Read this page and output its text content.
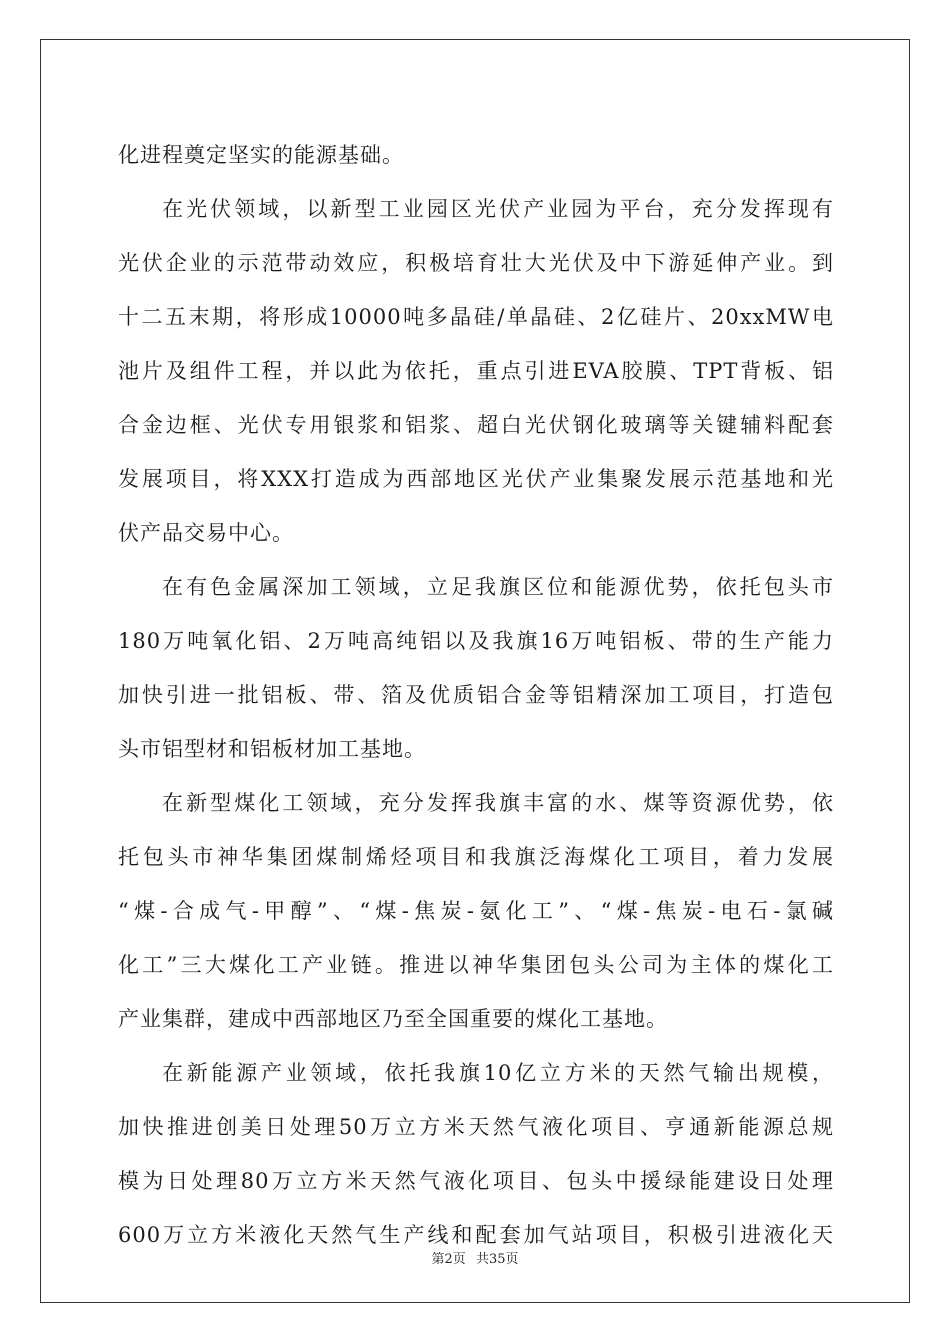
化进程奠定坚实的能源基础。
在光伏领域，以新型工业园区光伏产业园为平台，充分发挥现有
光伏企业的示范带动效应，积极培育壮大光伏及中下游延伸产业。到
十二五末期，将形成10000吨多晶硅/单晶硅、2亿硅片、20xxMW电
池片及组件工程，并以此为依托，重点引进EVA胶膜、TPT背板、铝
合金边框、光伏专用银浆和铝浆、超白光伏钢化玻璃等关键辅料配套
发展项目，将XXX打造成为西部地区光伏产业集聚发展示范基地和光
伏产品交易中心。
在有色金属深加工领域，立足我旗区位和能源优势，依托包头市
180万吨氧化铝、2万吨高纯铝以及我旗16万吨铝板、带的生产能力
加快引进一批铝板、带、箔及优质铝合金等铝精深加工项目，打造包
头市铝型材和铝板材加工基地。
在新型煤化工领域，充分发挥我旗丰富的水、煤等资源优势，依
托包头市神华集团煤制烯烃项目和我旗泛海煤化工项目，着力发展
“煤-合成气-甲醇”、“煤-焦炭-氨化工”、“煤-焦炭-电石-氯碱
化工”三大煤化工产业链。推进以神华集团包头公司为主体的煤化工
产业集群，建成中西部地区乃至全国重要的煤化工基地。
在新能源产业领域，依托我旗10亿立方米的天然气输出规模，
加快推进创美日处理50万立方米天然气液化项目、亨通新能源总规
模为日处理80万立方米天然气液化项目、包头中援绿能建设日处理
600万立方米液化天然气生产线和配套加气站项目，积极引进液化天
第2页 共35页
